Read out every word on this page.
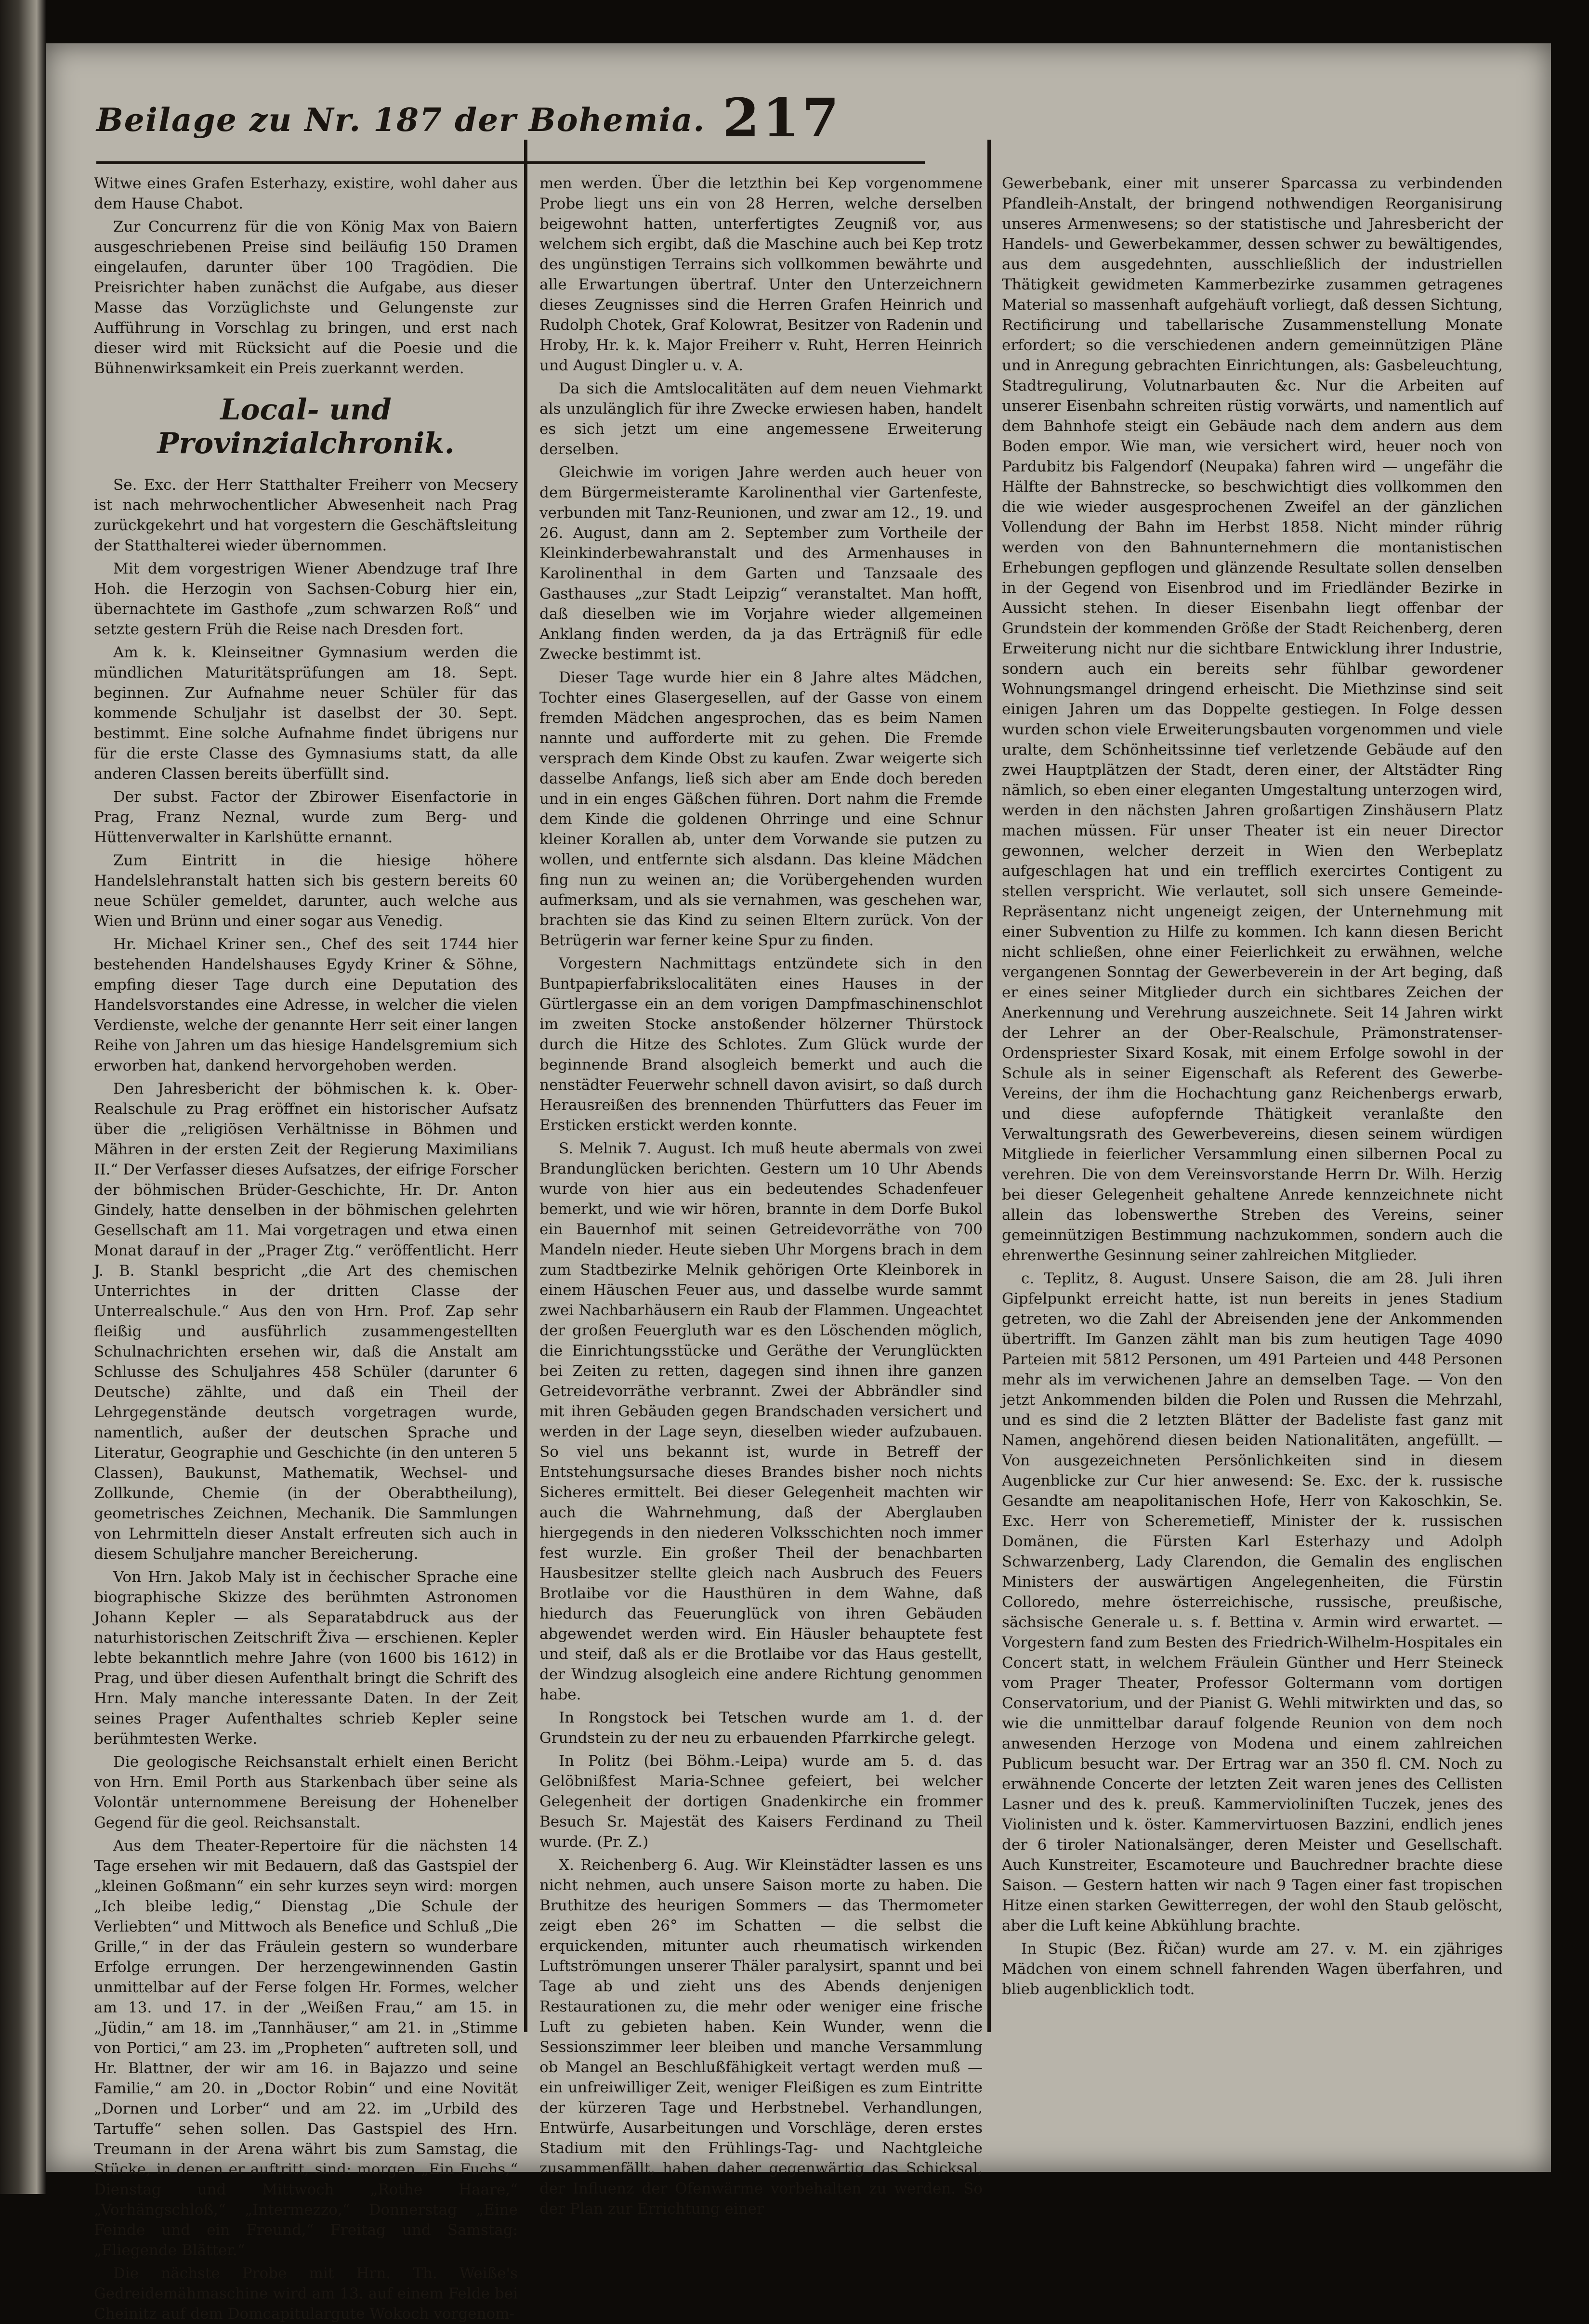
Beilage zu Nr. 187 der Bohemia. 217

Witwe eines Grafen Esterhazy, existire, wohl daher aus dem Hause Chabot.

Zur Concurrenz für die von König Max von Baiern ausgeschriebenen Preise sind beiläufig 150 Dramen eingelaufen, darunter über 100 Tragödien. Die Preisrichter haben zunächst die Aufgabe, aus dieser Masse das Vorzüglichste und Gelungenste zur Aufführung in Vorschlag zu bringen, und erst nach dieser wird mit Rücksicht auf die Poesie und die Bühnenwirksamkeit ein Preis zuerkannt werden.

Local- und Provinzialchronik.

Se. Exc. der Herr Statthalter Freiherr von Mecsery ist nach mehrwochentlicher Abwesenheit nach Prag zurückgekehrt und hat vorgestern die Geschäftsleitung der Statthalterei wieder übernommen.

Mit dem vorgestrigen Wiener Abendzuge traf Ihre Hoh. die Herzogin von Sachsen-Coburg hier ein, übernachtete im Gasthofe „zum schwarzen Roß“ und setzte gestern Früh die Reise nach Dresden fort.

Am k. k. Kleinseitner Gymnasium werden die mündlichen Maturitätsprüfungen am 18. Sept. beginnen. Zur Aufnahme neuer Schüler für das kommende Schuljahr ist daselbst der 30. Sept. bestimmt. Eine solche Aufnahme findet übrigens nur für die erste Classe des Gymnasiums statt, da alle anderen Classen bereits überfüllt sind.

Der subst. Factor der Zbirower Eisenfactorie in Prag, Franz Neznal, wurde zum Berg- und Hüttenverwalter in Karlshütte ernannt.

Zum Eintritt in die hiesige höhere Handelslehranstalt hatten sich bis gestern bereits 60 neue Schüler gemeldet, darunter, auch welche aus Wien und Brünn und einer sogar aus Venedig.

Hr. Michael Kriner sen., Chef des seit 1744 hier bestehenden Handelshauses Egydy Kriner & Söhne, empfing dieser Tage durch eine Deputation des Handelsvorstandes eine Adresse, in welcher die vielen Verdienste, welche der genannte Herr seit einer langen Reihe von Jahren um das hiesige Handelsgremium sich erworben hat, dankend hervorgehoben werden.

Den Jahresbericht der böhmischen k. k. Ober-Realschule zu Prag eröffnet ein historischer Aufsatz über die „religiösen Verhältnisse in Böhmen und Mähren in der ersten Zeit der Regierung Maximilians II.“ Der Verfasser dieses Aufsatzes, der eifrige Forscher der böhmischen Brüder-Geschichte, Hr. Dr. Anton Gindely, hatte denselben in der böhmischen gelehrten Gesellschaft am 11. Mai vorgetragen und etwa einen Monat darauf in der „Prager Ztg.“ veröffentlicht. Herr J. B. Stankl bespricht „die Art des chemischen Unterrichtes in der dritten Classe der Unterrealschule.“ Aus den von Hrn. Prof. Zap sehr fleißig und ausführlich zusammengestellten Schulnachrichten ersehen wir, daß die Anstalt am Schlusse des Schuljahres 458 Schüler (darunter 6 Deutsche) zählte, und daß ein Theil der Lehrgegenstände deutsch vorgetragen wurde, namentlich, außer der deutschen Sprache und Literatur, Geographie und Geschichte (in den unteren 5 Classen), Baukunst, Mathematik, Wechsel- und Zollkunde, Chemie (in der Oberabtheilung), geometrisches Zeichnen, Mechanik. Die Sammlungen von Lehrmitteln dieser Anstalt erfreuten sich auch in diesem Schuljahre mancher Bereicherung.

Von Hrn. Jakob Maly ist in čechischer Sprache eine biographische Skizze des berühmten Astronomen Johann Kepler — als Separatabdruck aus der naturhistorischen Zeitschrift Živa — erschienen. Kepler lebte bekanntlich mehre Jahre (von 1600 bis 1612) in Prag, und über diesen Aufenthalt bringt die Schrift des Hrn. Maly manche interessante Daten. In der Zeit seines Prager Aufenthaltes schrieb Kepler seine berühmtesten Werke.

Die geologische Reichsanstalt erhielt einen Bericht von Hrn. Emil Porth aus Starkenbach über seine als Volontär unternommene Bereisung der Hohenelber Gegend für die geol. Reichsanstalt.

Aus dem Theater-Repertoire für die nächsten 14 Tage ersehen wir mit Bedauern, daß das Gastspiel der „kleinen Goßmann“ ein sehr kurzes seyn wird: morgen „Ich bleibe ledig,“ Dienstag „Die Schule der Verliebten“ und Mittwoch als Benefice und Schluß „Die Grille,“ in der das Fräulein gestern so wunderbare Erfolge errungen. Der herzengewinnenden Gastin unmittelbar auf der Ferse folgen Hr. Formes, welcher am 13. und 17. in der „Weißen Frau,“ am 15. in „Jüdin,“ am 18. im „Tannhäuser,“ am 21. in „Stimme von Portici,“ am 23. im „Propheten“ auftreten soll, und Hr. Blattner, der wir am 16. in Bajazzo und seine Familie,“ am 20. in „Doctor Robin“ und eine Novität „Dornen und Lorber“ und am 22. im „Urbild des Tartuffe“ sehen sollen. Das Gastspiel des Hrn. Treumann in der Arena währt bis zum Samstag, die Stücke, in denen er auftritt, sind: morgen „Ein Fuchs,“ Dienstag und Mittwoch „Rothe Haare,“ „Vorhängschloß,“ „Intermezzo,“ Donnerstag „Eine Feinde und ein Freund,“ Freitag und Samstag: „Fliegende Blätter.“

Die nächste Probe mit Hrn. Th. Weiße's Gedreidemähmaschine wird am 13. auf einem Felde bei Cheinitz auf dem Domcapitulargute Wokoch vorgenom-

men werden. Über die letzthin bei Kep vorgenommene Probe liegt uns ein von 28 Herren, welche derselben beigewohnt hatten, unterfertigtes Zeugniß vor, aus welchem sich ergibt, daß die Maschine auch bei Kep trotz des ungünstigen Terrains sich vollkommen bewährte und alle Erwartungen übertraf. Unter den Unterzeichnern dieses Zeugnisses sind die Herren Grafen Heinrich und Rudolph Chotek, Graf Kolowrat, Besitzer von Radenin und Hroby, Hr. k. k. Major Freiherr v. Ruht, Herren Heinrich und August Dingler u. v. A.

Da sich die Amtslocalitäten auf dem neuen Viehmarkt als unzulänglich für ihre Zwecke erwiesen haben, handelt es sich jetzt um eine angemessene Erweiterung derselben.

Gleichwie im vorigen Jahre werden auch heuer von dem Bürgermeisteramte Karolinenthal vier Gartenfeste, verbunden mit Tanz-Reunionen, und zwar am 12., 19. und 26. August, dann am 2. September zum Vortheile der Kleinkinderbewahranstalt und des Armenhauses in Karolinenthal in dem Garten und Tanzsaale des Gasthauses „zur Stadt Leipzig“ veranstaltet. Man hofft, daß dieselben wie im Vorjahre wieder allgemeinen Anklang finden werden, da ja das Erträgniß für edle Zwecke bestimmt ist.

Dieser Tage wurde hier ein 8 Jahre altes Mädchen, Tochter eines Glasergesellen, auf der Gasse von einem fremden Mädchen angesprochen, das es beim Namen nannte und aufforderte mit zu gehen. Die Fremde versprach dem Kinde Obst zu kaufen. Zwar weigerte sich dasselbe Anfangs, ließ sich aber am Ende doch bereden und in ein enges Gäßchen führen. Dort nahm die Fremde dem Kinde die goldenen Ohrringe und eine Schnur kleiner Korallen ab, unter dem Vorwande sie putzen zu wollen, und entfernte sich alsdann. Das kleine Mädchen fing nun zu weinen an; die Vorübergehenden wurden aufmerksam, und als sie vernahmen, was geschehen war, brachten sie das Kind zu seinen Eltern zurück. Von der Betrügerin war ferner keine Spur zu finden.

Vorgestern Nachmittags entzündete sich in den Buntpapierfabrikslocalitäten eines Hauses in der Gürtlergasse ein an dem vorigen Dampfmaschinenschlot im zweiten Stocke anstoßender hölzerner Thürstock durch die Hitze des Schlotes. Zum Glück wurde der beginnende Brand alsogleich bemerkt und auch die nenstädter Feuerwehr schnell davon avisirt, so daß durch Herausreißen des brennenden Thürfutters das Feuer im Ersticken erstickt werden konnte.

S. Melnik 7. August. Ich muß heute abermals von zwei Brandunglücken berichten. Gestern um 10 Uhr Abends wurde von hier aus ein bedeutendes Schadenfeuer bemerkt, und wie wir hören, brannte in dem Dorfe Bukol ein Bauernhof mit seinen Getreidevorräthe von 700 Mandeln nieder. Heute sieben Uhr Morgens brach in dem zum Stadtbezirke Melnik gehörigen Orte Kleinborek in einem Häuschen Feuer aus, und dasselbe wurde sammt zwei Nachbarhäusern ein Raub der Flammen. Ungeachtet der großen Feuergluth war es den Löschenden möglich, die Einrichtungsstücke und Geräthe der Verunglückten bei Zeiten zu retten, dagegen sind ihnen ihre ganzen Getreidevorräthe verbrannt. Zwei der Abbrändler sind mit ihren Gebäuden gegen Brandschaden versichert und werden in der Lage seyn, dieselben wieder aufzubauen. So viel uns bekannt ist, wurde in Betreff der Entstehungsursache dieses Brandes bisher noch nichts Sicheres ermittelt. Bei dieser Gelegenheit machten wir auch die Wahrnehmung, daß der Aberglauben hiergegends in den niederen Volksschichten noch immer fest wurzle. Ein großer Theil der benachbarten Hausbesitzer stellte gleich nach Ausbruch des Feuers Brotlaibe vor die Hausthüren in dem Wahne, daß hiedurch das Feuerunglück von ihren Gebäuden abgewendet werden wird. Ein Häusler behauptete fest und steif, daß als er die Brotlaibe vor das Haus gestellt, der Windzug alsogleich eine andere Richtung genommen habe.

In Rongstock bei Tetschen wurde am 1. d. der Grundstein zu der neu zu erbauenden Pfarrkirche gelegt.

In Politz (bei Böhm.-Leipa) wurde am 5. d. das Gelöbnißfest Maria-Schnee gefeiert, bei welcher Gelegenheit der dortigen Gnadenkirche ein frommer Besuch Sr. Majestät des Kaisers Ferdinand zu Theil wurde. (Pr. Z.)

X. Reichenberg 6. Aug. Wir Kleinstädter lassen es uns nicht nehmen, auch unsere Saison morte zu haben. Die Bruthitze des heurigen Sommers — das Thermometer zeigt eben 26° im Schatten — die selbst die erquickenden, mitunter auch rheumatisch wirkenden Luftströmungen unserer Thäler paralysirt, spannt und bei Tage ab und zieht uns des Abends denjenigen Restaurationen zu, die mehr oder weniger eine frische Luft zu gebieten haben. Kein Wunder, wenn die Sessionszimmer leer bleiben und manche Versammlung ob Mangel an Beschlußfähigkeit vertagt werden muß — ein unfreiwilliger Zeit, weniger Fleißigen es zum Eintritte der kürzeren Tage und Herbstnebel. Verhandlungen, Entwürfe, Ausarbeitungen und Vorschläge, deren erstes Stadium mit den Frühlings-Tag- und Nachtgleiche zusammenfällt, haben daher gegenwärtig das Schicksal, der Influenz der Ofenwärme vorbehalten zu werden. So der Plan zur Errichtung einer

Gewerbebank, einer mit unserer Sparcassa zu verbindenden Pfandleih-Anstalt, der bringend nothwendigen Reorganisirung unseres Armenwesens; so der statistische und Jahresbericht der Handels- und Gewerbekammer, dessen schwer zu bewältigendes, aus dem ausgedehnten, ausschließlich der industriellen Thätigkeit gewidmeten Kammerbezirke zusammen getragenes Material so massenhaft aufgehäuft vorliegt, daß dessen Sichtung, Rectificirung und tabellarische Zusammenstellung Monate erfordert; so die verschiedenen andern gemeinnützigen Pläne und in Anregung gebrachten Einrichtungen, als: Gasbeleuchtung, Stadtregulirung, Volutnarbauten &c. Nur die Arbeiten auf unserer Eisenbahn schreiten rüstig vorwärts, und namentlich auf dem Bahnhofe steigt ein Gebäude nach dem andern aus dem Boden empor. Wie man, wie versichert wird, heuer noch von Pardubitz bis Falgendorf (Neupaka) fahren wird — ungefähr die Hälfte der Bahnstrecke, so beschwichtigt dies vollkommen den die wie wieder ausgesprochenen Zweifel an der gänzlichen Vollendung der Bahn im Herbst 1858. Nicht minder rührig werden von den Bahnunternehmern die montanistischen Erhebungen gepflogen und glänzende Resultate sollen denselben in der Gegend von Eisenbrod und im Friedländer Bezirke in Aussicht stehen. In dieser Eisenbahn liegt offenbar der Grundstein der kommenden Größe der Stadt Reichenberg, deren Erweiterung nicht nur die sichtbare Entwicklung ihrer Industrie, sondern auch ein bereits sehr fühlbar gewordener Wohnungsmangel dringend erheischt. Die Miethzinse sind seit einigen Jahren um das Doppelte gestiegen. In Folge dessen wurden schon viele Erweiterungsbauten vorgenommen und viele uralte, dem Schönheitssinne tief verletzende Gebäude auf den zwei Hauptplätzen der Stadt, deren einer, der Altstädter Ring nämlich, so eben einer eleganten Umgestaltung unterzogen wird, werden in den nächsten Jahren großartigen Zinshäusern Platz machen müssen. Für unser Theater ist ein neuer Director gewonnen, welcher derzeit in Wien den Werbeplatz aufgeschlagen hat und ein trefflich exercirtes Contigent zu stellen verspricht. Wie verlautet, soll sich unsere Gemeinde-Repräsentanz nicht ungeneigt zeigen, der Unternehmung mit einer Subvention zu Hilfe zu kommen. Ich kann diesen Bericht nicht schließen, ohne einer Feierlichkeit zu erwähnen, welche vergangenen Sonntag der Gewerbeverein in der Art beging, daß er eines seiner Mitglieder durch ein sichtbares Zeichen der Anerkennung und Verehrung auszeichnete. Seit 14 Jahren wirkt der Lehrer an der Ober-Realschule, Prämonstratenser-Ordenspriester Sixard Kosak, mit einem Erfolge sowohl in der Schule als in seiner Eigenschaft als Referent des Gewerbe-Vereins, der ihm die Hochachtung ganz Reichenbergs erwarb, und diese aufopfernde Thätigkeit veranlaßte den Verwaltungsrath des Gewerbevereins, diesen seinem würdigen Mitgliede in feierlicher Versammlung einen silbernen Pocal zu verehren. Die von dem Vereinsvorstande Herrn Dr. Wilh. Herzig bei dieser Gelegenheit gehaltene Anrede kennzeichnete nicht allein das lobenswerthe Streben des Vereins, seiner gemeinnützigen Bestimmung nachzukommen, sondern auch die ehrenwerthe Gesinnung seiner zahlreichen Mitglieder.

c. Teplitz, 8. August. Unsere Saison, die am 28. Juli ihren Gipfelpunkt erreicht hatte, ist nun bereits in jenes Stadium getreten, wo die Zahl der Abreisenden jene der Ankommenden übertrifft. Im Ganzen zählt man bis zum heutigen Tage 4090 Parteien mit 5812 Personen, um 491 Parteien und 448 Personen mehr als im verwichenen Jahre an demselben Tage. — Von den jetzt Ankommenden bilden die Polen und Russen die Mehrzahl, und es sind die 2 letzten Blätter der Badeliste fast ganz mit Namen, angehörend diesen beiden Nationalitäten, angefüllt. — Von ausgezeichneten Persönlichkeiten sind in diesem Augenblicke zur Cur hier anwesend: Se. Exc. der k. russische Gesandte am neapolitanischen Hofe, Herr von Kakoschkin, Se. Exc. Herr von Scheremetieff, Minister der k. russischen Domänen, die Fürsten Karl Esterhazy und Adolph Schwarzenberg, Lady Clarendon, die Gemalin des englischen Ministers der auswärtigen Angelegenheiten, die Fürstin Colloredo, mehre österreichische, russische, preußische, sächsische Generale u. s. f. Bettina v. Armin wird erwartet. — Vorgestern fand zum Besten des Friedrich-Wilhelm-Hospitales ein Concert statt, in welchem Fräulein Günther und Herr Steineck vom Prager Theater, Professor Goltermann vom dortigen Conservatorium, und der Pianist G. Wehli mitwirkten und das, so wie die unmittelbar darauf folgende Reunion von dem noch anwesenden Herzoge von Modena und einem zahlreichen Publicum besucht war. Der Ertrag war an 350 fl. CM. Noch zu erwähnende Concerte der letzten Zeit waren jenes des Cellisten Lasner und des k. preuß. Kammervioliniſten Tuczek, jenes des Violinisten und k. öster. Kammervirtuosen Bazzini, endlich jenes der 6 tiroler Nationalsänger, deren Meister und Gesellschaft. Auch Kunstreiter, Escamoteure und Bauchredner brachte diese Saison. — Gestern hatten wir nach 9 Tagen einer fast tropischen Hitze einen starken Gewitterregen, der wohl den Staub gelöscht, aber die Luft keine Abkühlung brachte.

In Stupic (Bez. Řičan) wurde am 27. v. M. ein zjähriges Mädchen von einem schnell fahrenden Wagen überfahren, und blieb augenblicklich todt.
